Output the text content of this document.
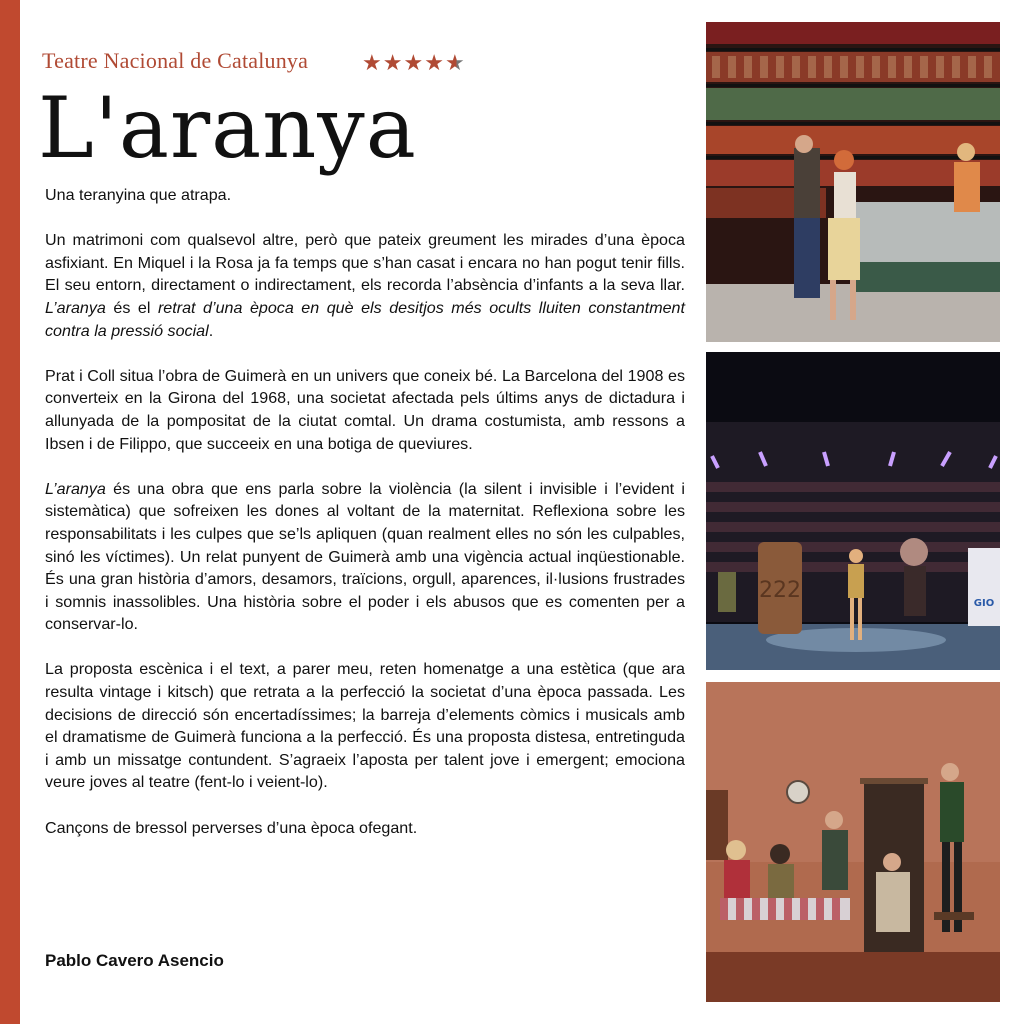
Teatre Nacional de Catalunya ★★★★★
L'aranya

Una teranyina que atrapa.

Un matrimoni com qualsevol altre, però que pateix greument les mirades d’una època asfixiant. En Miquel i la Rosa ja fa temps que s’han casat i encara no han pogut tenir fills. El seu entorn, directament o indirectament, els recorda l’absència d’infants a la seva llar. L’aranya és el retrat d’una època en què els desitjos més ocults lluiten constantment contra la pressió social.

Prat i Coll situa l’obra de Guimerà en un univers que coneix bé. La Barcelona del 1908 es converteix en la Girona del 1968, una societat afectada pels últims anys de dictadura i allunyada de la pompositat de la ciutat comtal. Un drama costumista, amb ressons a Ibsen i de Filippo, que succeeix en una botiga de queviures.

L’aranya és una obra que ens parla sobre la violència (la silent i invisible i l’evident i sistemàtica) que sofreixen les dones al voltant de la maternitat. Reflexiona sobre les responsabilitats i les culpes que se’ls apliquen (quan realment elles no són les culpables, sinó les víctimes). Un relat punyent de Guimerà amb una vigència actual inqüestionable. És una gran història d’amors, desamors, traïcions, orgull, aparences, il·lusions frustrades i somnis inassolibles. Una història sobre el poder i els abusos que es comenten per a conservar-lo.

La proposta escènica i el text, a parer meu, reten homenatge a una estètica (que ara resulta vintage i kitsch) que retrata a la perfecció la societat d’una època passada. Les decisions de direcció són encertadíssimes; la barreja d’elements còmics i musicals amb el dramatisme de Guimerà funciona a la perfecció. És una proposta distesa, entretinguda i amb un missatge contundent. S’agraeix l’aposta per talent jove i emergent; emociona veure joves al teatre (fent-lo i veient-lo).

Cançons de bressol perverses d’una època ofegant.

Pablo Cavero Asencio
222
GIO
